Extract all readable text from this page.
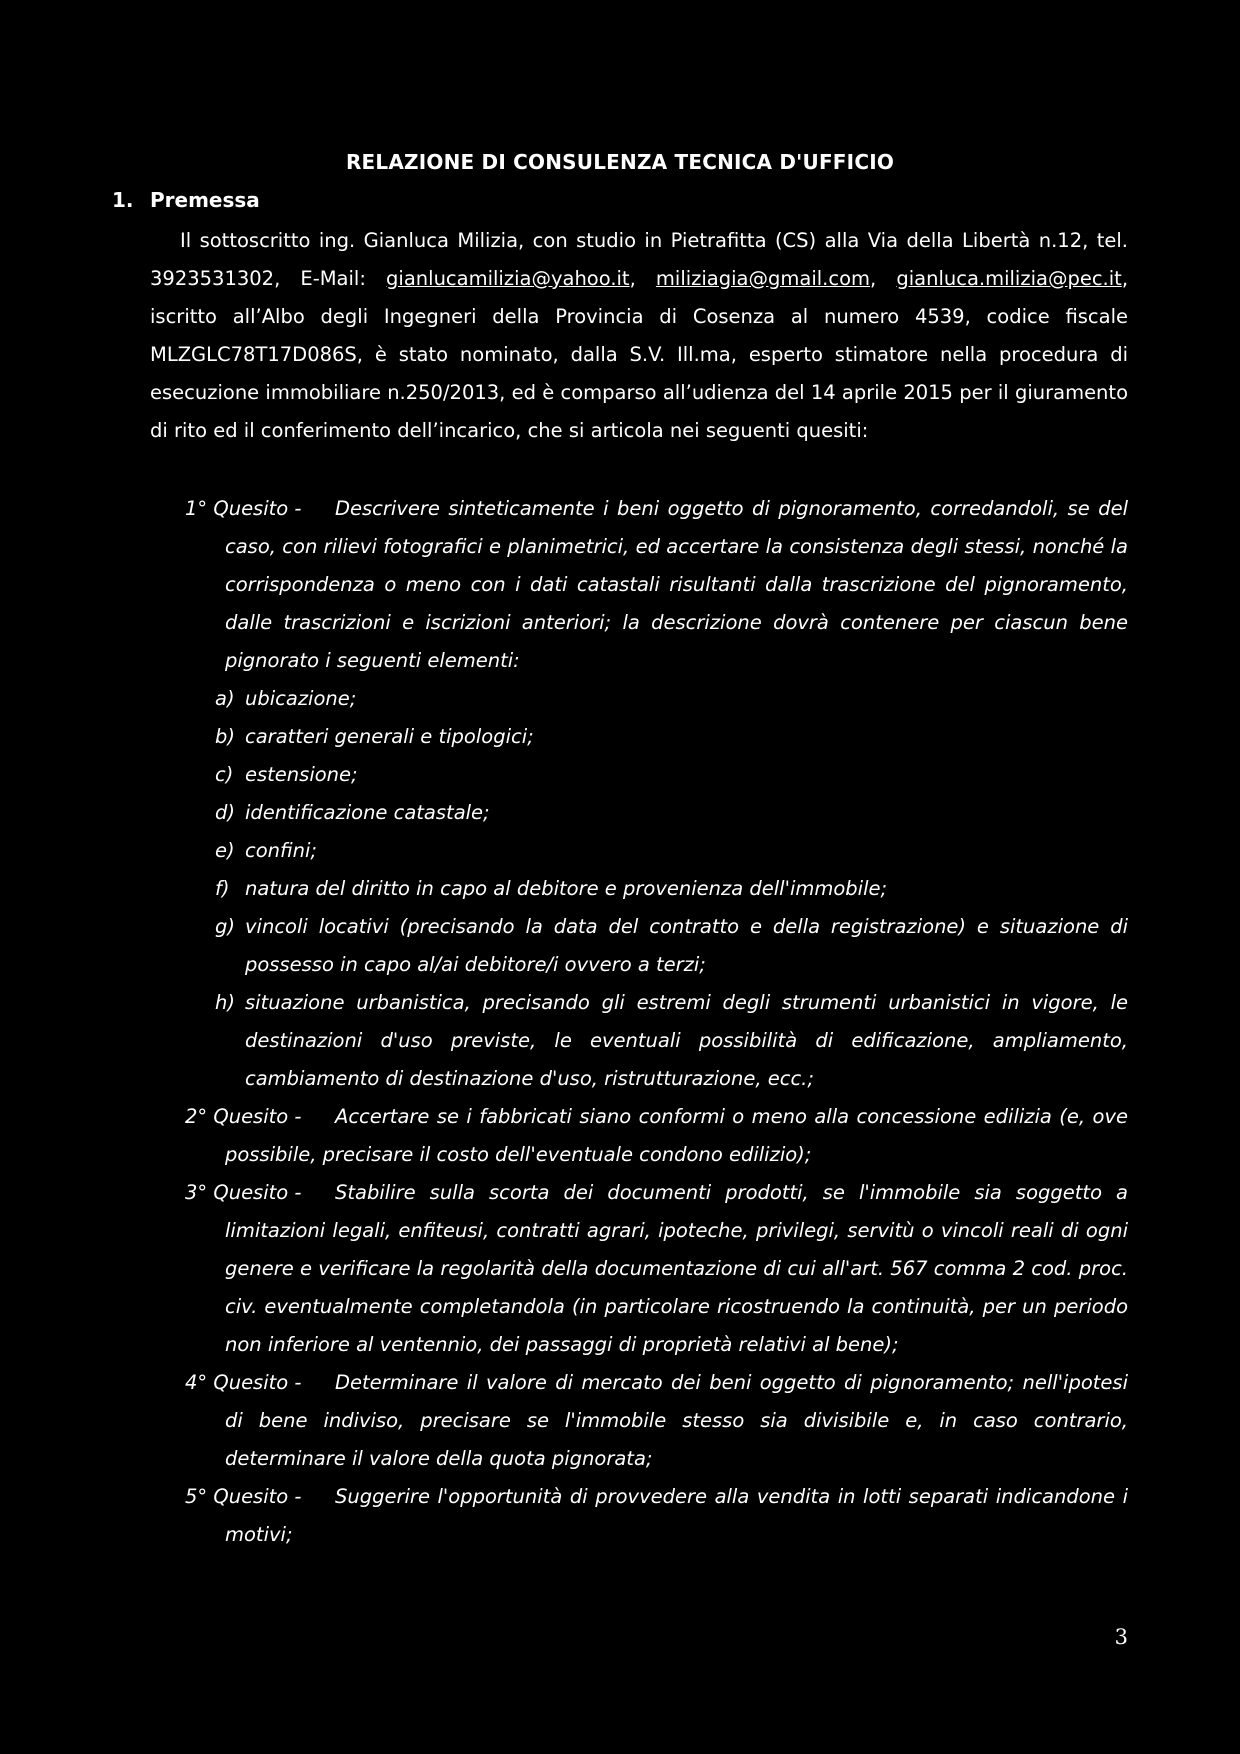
RELAZIONE DI CONSULENZA TECNICA D'UFFICIO
1. Premessa

Il sottoscritto ing. Gianluca Milizia, con studio in Pietrafitta (CS) alla Via della Libertà n.12, tel. 3923531302, E-Mail: gianlucamilizia@yahoo.it, miliziagia@gmail.com, gianluca.milizia@pec.it, iscritto all’Albo degli Ingegneri della Provincia di Cosenza al numero 4539, codice fiscale MLZGLC78T17D086S, è stato nominato, dalla S.V. Ill.ma, esperto stimatore nella procedura di esecuzione immobiliare n.250/2013, ed è comparso all’udienza del 14 aprile 2015 per il giuramento di rito ed il conferimento dell’incarico, che si articola nei seguenti quesiti:

1° Quesito -	Descrivere sinteticamente i beni oggetto di pignoramento, corredandoli, se del caso, con rilievi fotografici e planimetrici, ed accertare la consistenza degli stessi, nonché la corrispondenza o meno con i dati catastali risultanti dalla trascrizione del pignoramento, dalle trascrizioni e iscrizioni anteriori; la descrizione dovrà contenere per ciascun bene pignorato i seguenti elementi:
a) ubicazione;
b) caratteri generali e tipologici;
c) estensione;
d) identificazione catastale;
e) confini;
f) natura del diritto in capo al debitore e provenienza dell'immobile;
g) vincoli locativi (precisando la data del contratto e della registrazione) e situazione di possesso in capo al/ai debitore/i ovvero a terzi;
h) situazione urbanistica, precisando gli estremi degli strumenti urbanistici in vigore, le destinazioni d'uso previste, le eventuali possibilità di edificazione, ampliamento, cambiamento di destinazione d'uso, ristrutturazione, ecc.;
2° Quesito -	Accertare se i fabbricati siano conformi o meno alla concessione edilizia (e, ove possibile, precisare il costo dell'eventuale condono edilizio);
3° Quesito -	Stabilire sulla scorta dei documenti prodotti, se l'immobile sia soggetto a limitazioni legali, enfiteusi, contratti agrari, ipoteche, privilegi, servitù o vincoli reali di ogni genere e verificare la regolarità della documentazione di cui all'art. 567 comma 2 cod. proc. civ. eventualmente completandola (in particolare ricostruendo la continuità, per un periodo non inferiore al ventennio, dei passaggi di proprietà relativi al bene);
4° Quesito -	Determinare il valore di mercato dei beni oggetto di pignoramento; nell'ipotesi di bene indiviso, precisare se l'immobile stesso sia divisibile e, in caso contrario, determinare il valore della quota pignorata;
5° Quesito -	Suggerire l'opportunità di provvedere alla vendita in lotti separati indicandone i motivi;
3
